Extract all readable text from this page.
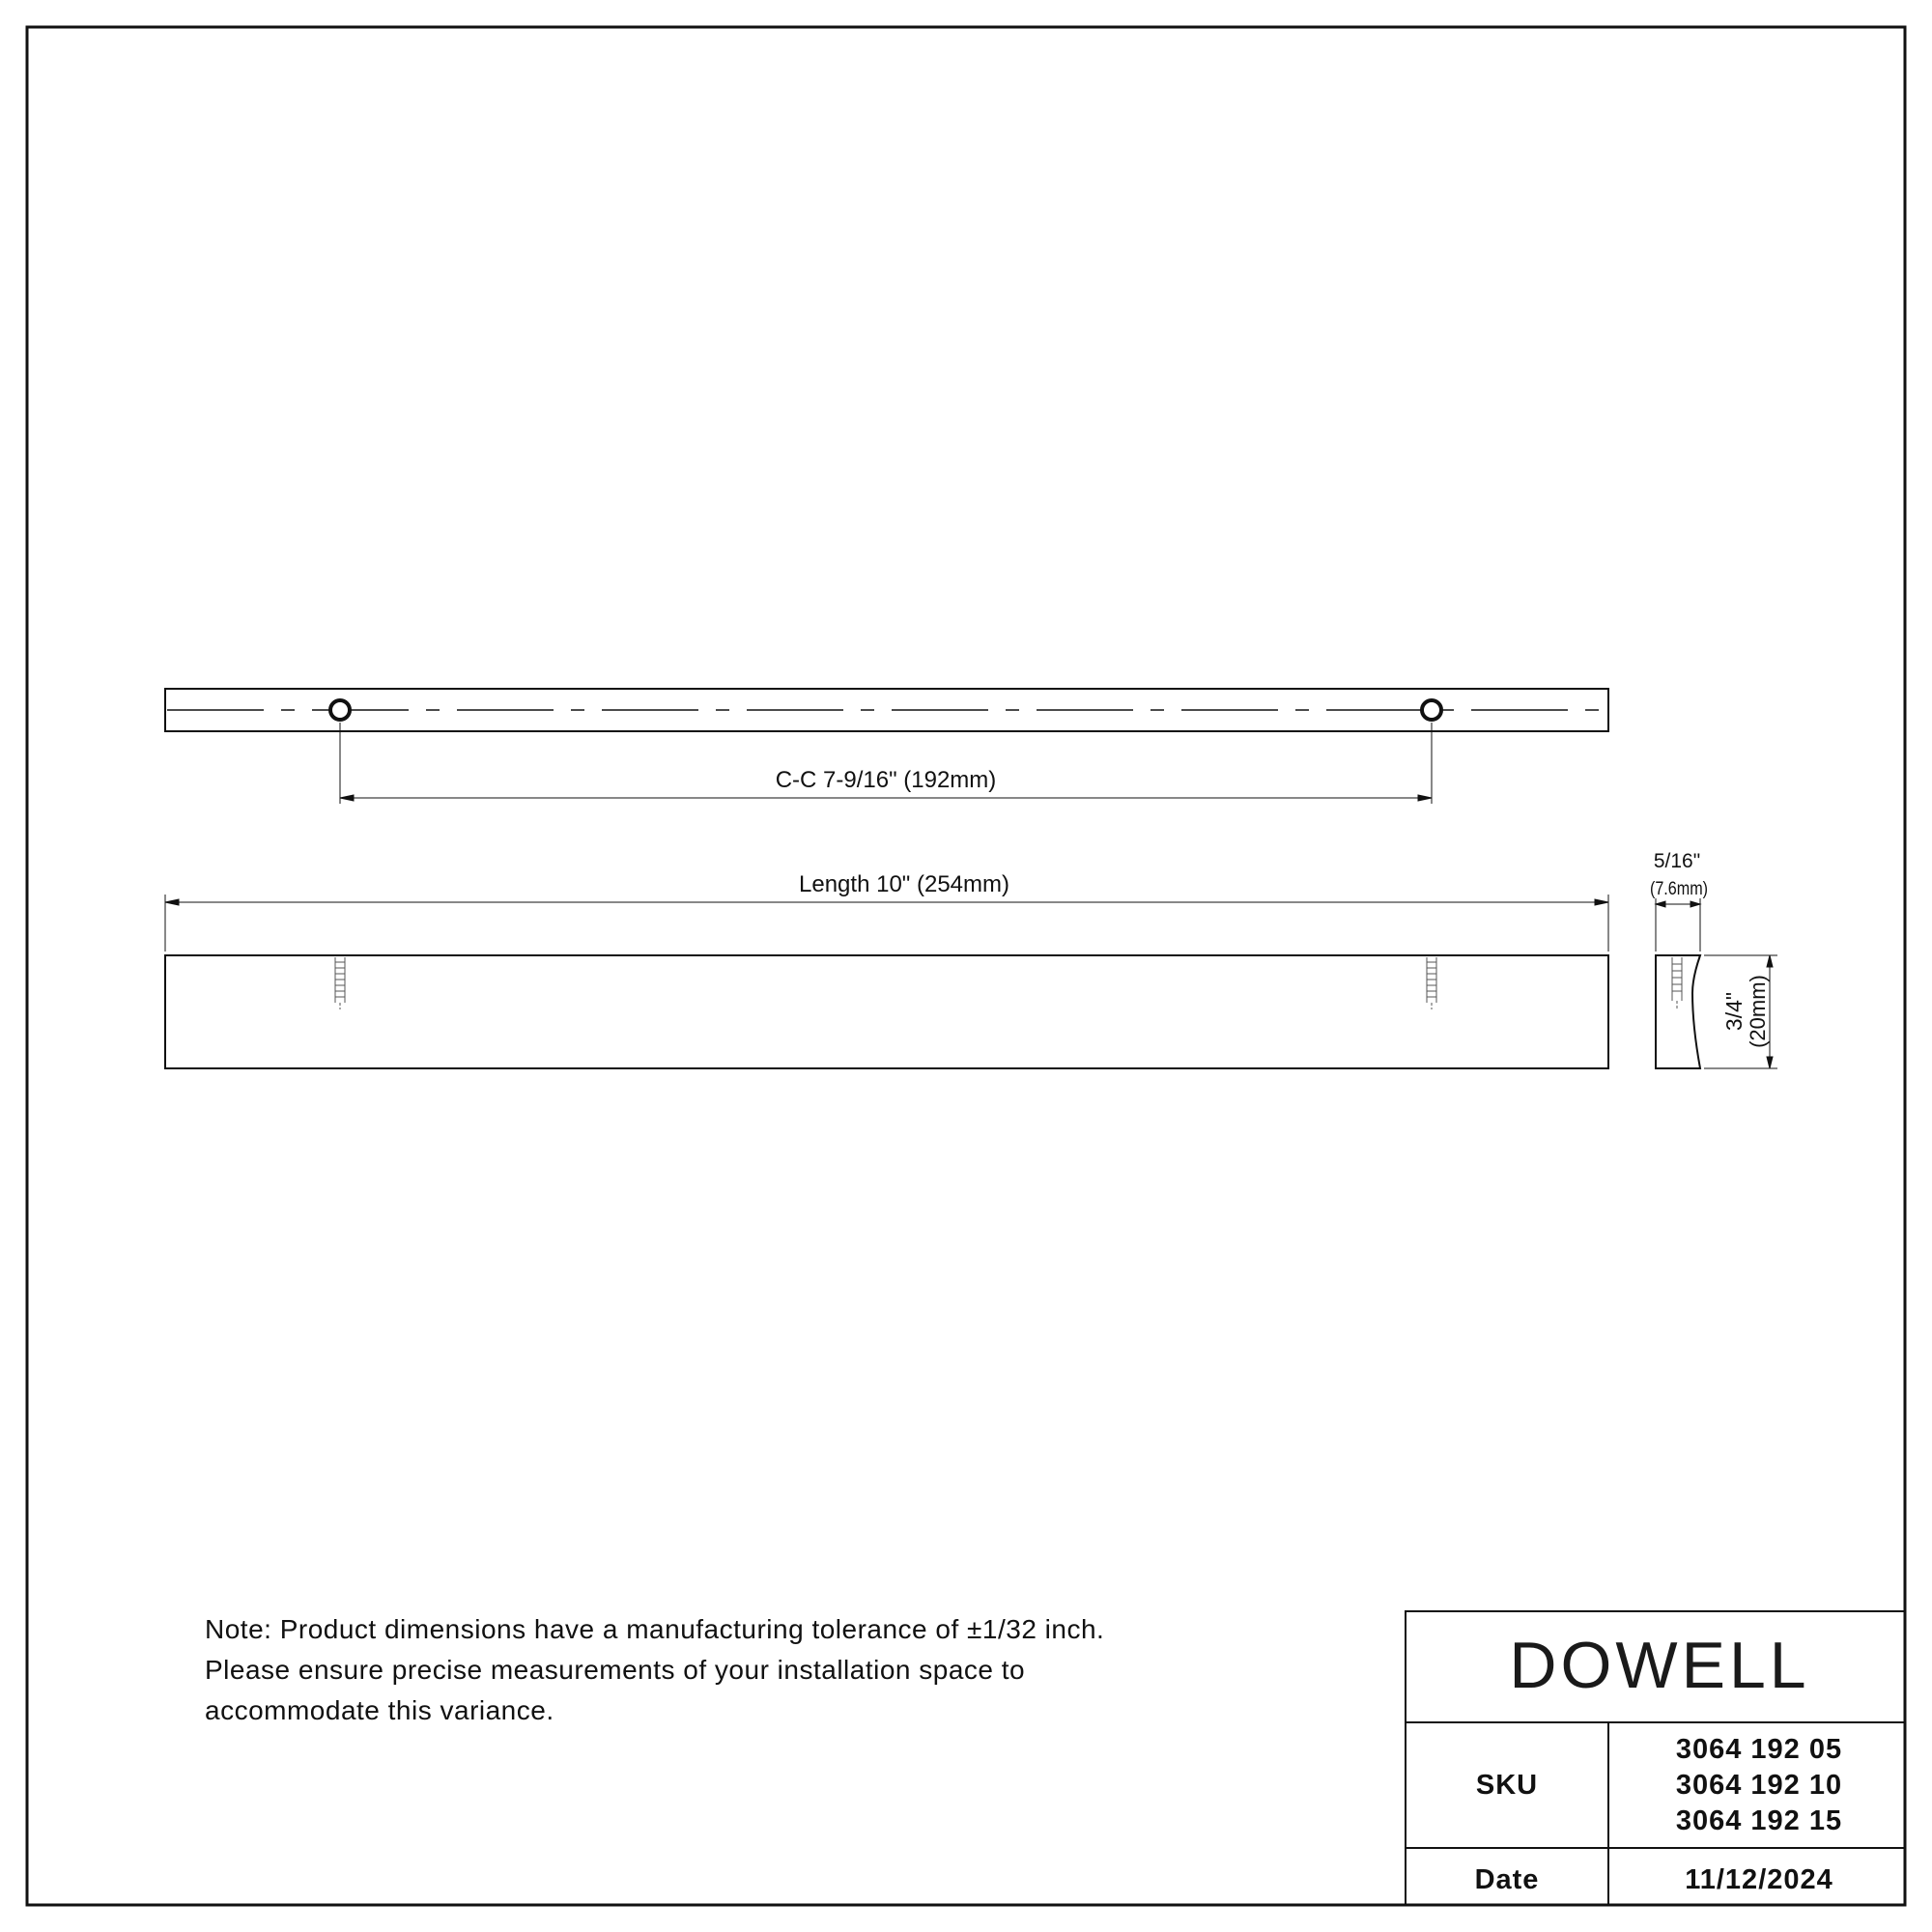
C-C 7-9/16" (192mm)
Length 10" (254mm)
5/16"
(7.6mm)
3/4" (20mm)
Note: Product dimensions have a manufacturing tolerance of ±1/32 inch.
Please ensure precise measurements of your installation space to
accommodate this variance.
DOWELL
SKU
3064 192 05
3064 192 10
3064 192 15
Date	11/12/2024
